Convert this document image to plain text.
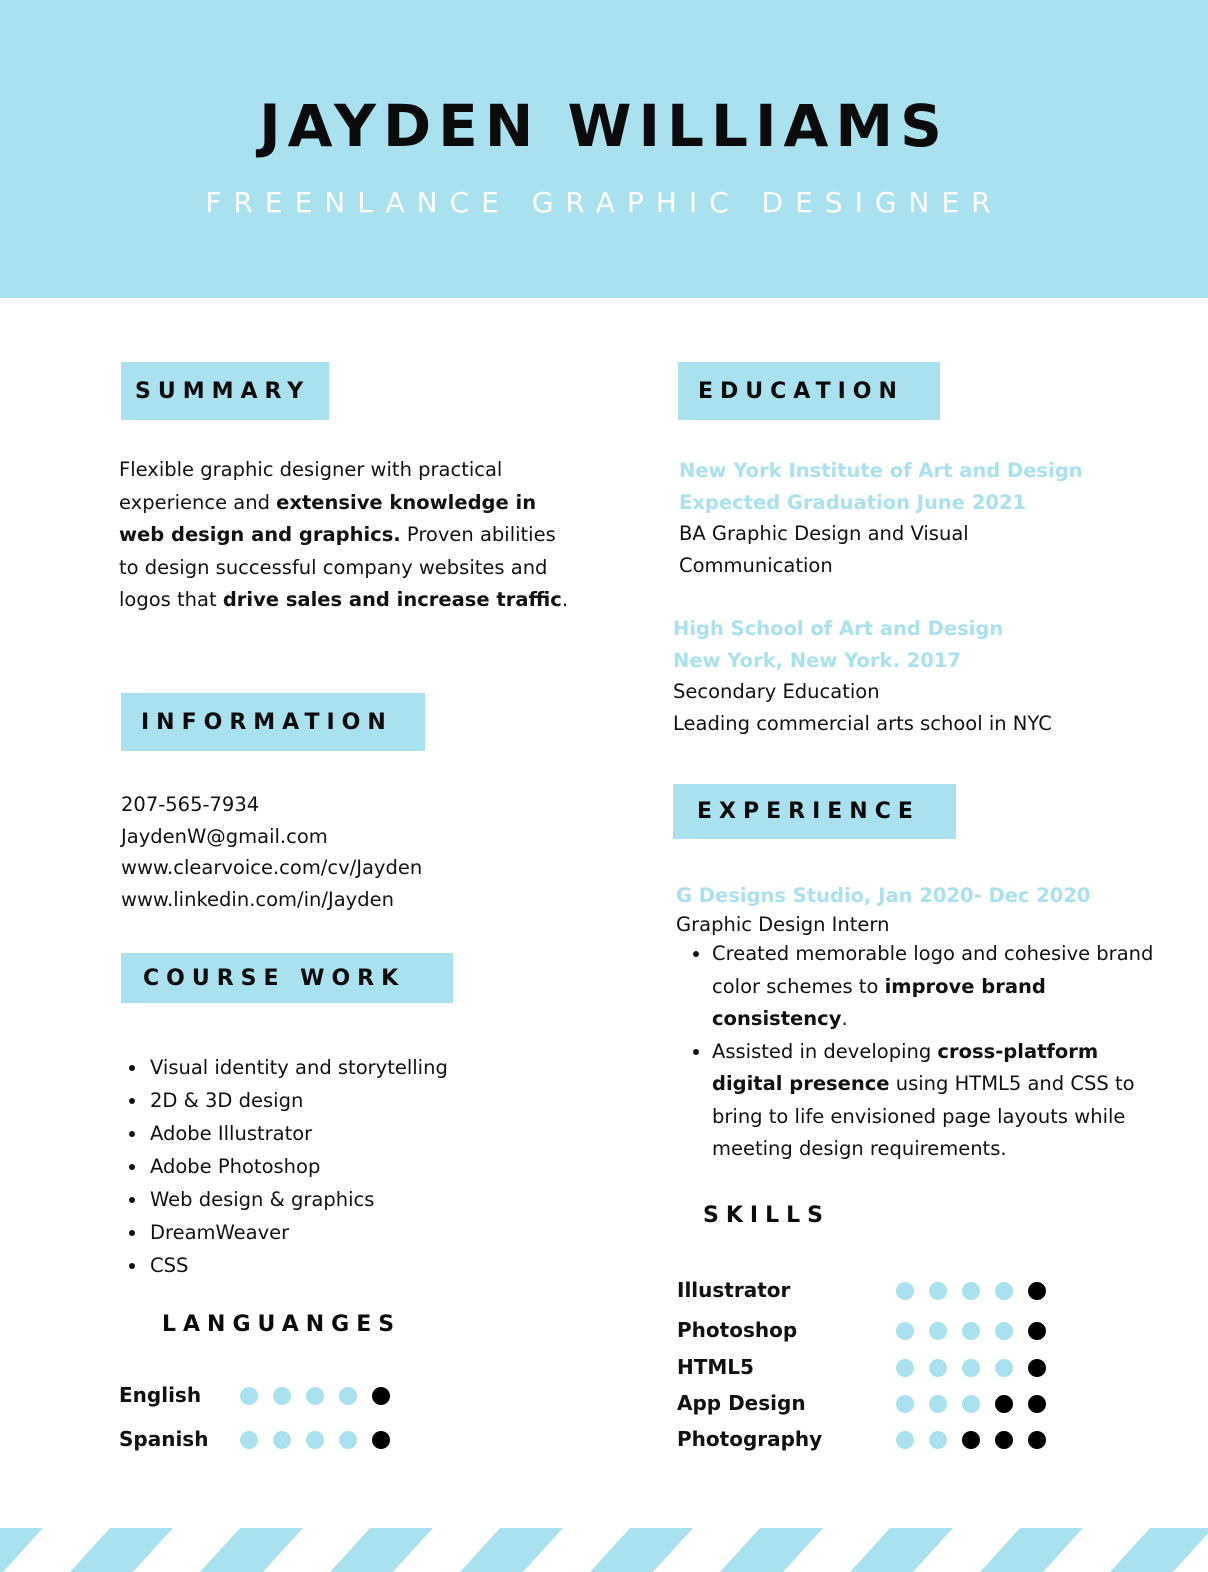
JAYDEN WILLIAMS
FREENLANCE GRAPHIC DESIGNER
SUMMARY
Flexible graphic designer with practical experience and extensive knowledge in web design and graphics. Proven abilities to design successful company websites and logos that drive sales and increase traffic.
INFORMATION
207-565-7934
JaydenW@gmail.com
www.clearvoice.com/cv/Jayden
www.linkedin.com/in/Jayden
COURSE WORK
• Visual identity and storytelling
• 2D & 3D design
• Adobe Illustrator
• Adobe Photoshop
• Web design & graphics
• DreamWeaver
• CSS
LANGUANGES
English
Spanish
EDUCATION
New York Institute of Art and Design
Expected Graduation June 2021
BA Graphic Design and Visual
Communication
High School of Art and Design
New York, New York. 2017
Secondary Education
Leading commercial arts school in NYC
EXPERIENCE
G Designs Studio, Jan 2020- Dec 2020
Graphic Design Intern
• Created memorable logo and cohesive brand color schemes to improve brand consistency.
• Assisted in developing cross-platform digital presence using HTML5 and CSS to bring to life envisioned page layouts while meeting design requirements.
SKILLS
Illustrator
Photoshop
HTML5
App Design
Photography
